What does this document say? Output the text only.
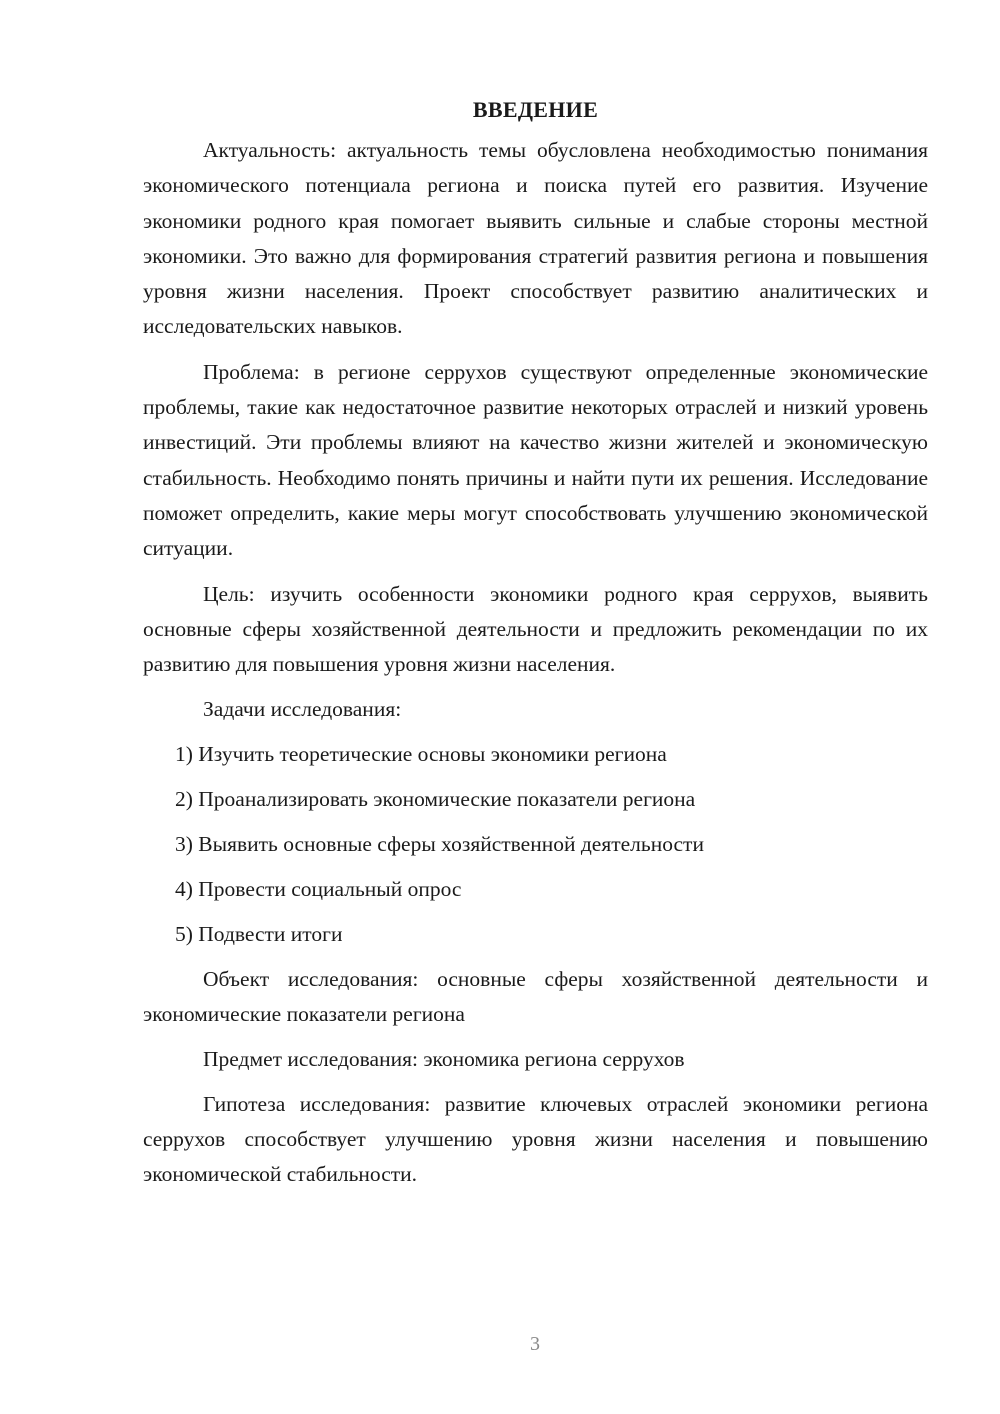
ВВЕДЕНИЕ

Актуальность: актуальность темы обусловлена необходимостью понимания экономического потенциала региона и поиска путей его развития. Изучение экономики родного края помогает выявить сильные и слабые стороны местной экономики. Это важно для формирования стратегий развития региона и повышения уровня жизни населения. Проект способствует развитию аналитических и исследовательских навыков.

Проблема: в регионе серрухов существуют определенные экономические проблемы, такие как недостаточное развитие некоторых отраслей и низкий уровень инвестиций. Эти проблемы влияют на качество жизни жителей и экономическую стабильность. Необходимо понять причины и найти пути их решения. Исследование поможет определить, какие меры могут способствовать улучшению экономической ситуации.

Цель: изучить особенности экономики родного края серрухов, выявить основные сферы хозяйственной деятельности и предложить рекомендации по их развитию для повышения уровня жизни населения.

Задачи исследования:

1) Изучить теоретические основы экономики региона
2) Проанализировать экономические показатели региона
3) Выявить основные сферы хозяйственной деятельности
4) Провести социальный опрос
5) Подвести итоги

Объект исследования: основные сферы хозяйственной деятельности и экономические показатели региона

Предмет исследования: экономика региона серрухов

Гипотеза исследования: развитие ключевых отраслей экономики региона серрухов способствует улучшению уровня жизни населения и повышению экономической стабильности.

3
